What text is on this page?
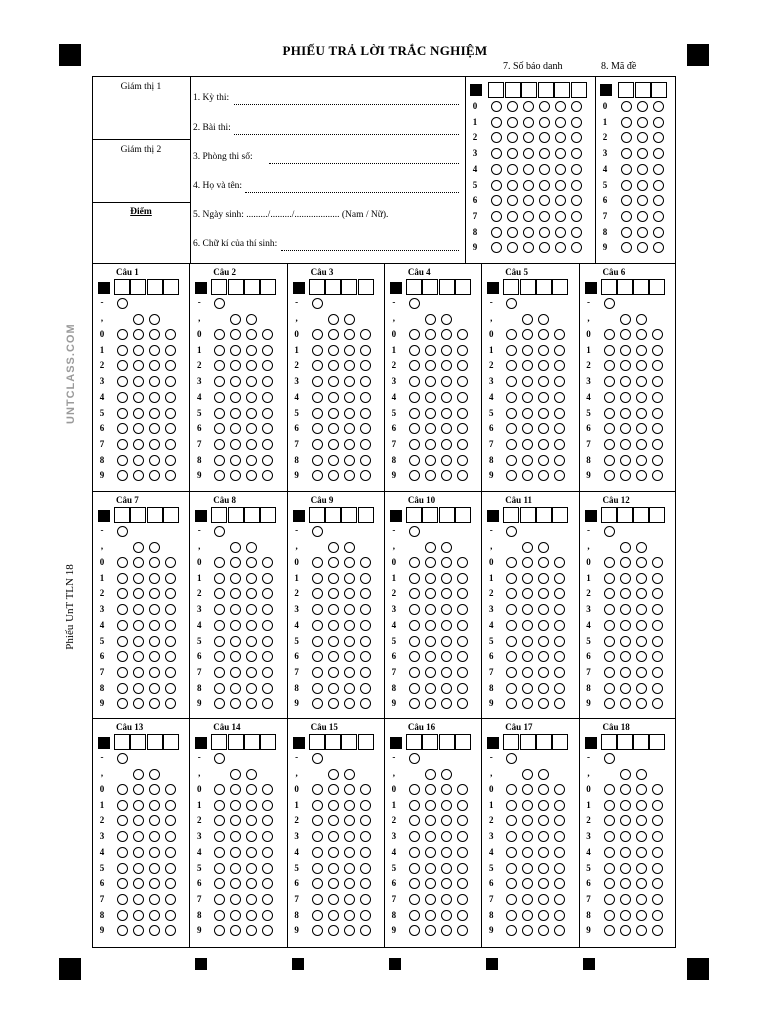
PHIẾU TRẢ LỜI TRẮC NGHIỆM
7. Số báo danh	8. Mã đề
UNTCLASS.COM
Phiếu UnT TLN 18
Giám thị 1
Giám thị 2
Điểm
1. Kỳ thi:
2. Bài thi:
3. Phòng thi số:
4. Họ và tên:
5. Ngày sinh: ........./........./................... (Nam / Nữ).
6. Chữ kí của thí sinh:
0
1
2
3
4
5
6
7
8
9
0
1
2
3
4
5
6
7
8
9
Câu 1
-
,
0
1
2
3
4
5
6
7
8
9
Câu 2
-
,
0
1
2
3
4
5
6
7
8
9
Câu 3
-
,
0
1
2
3
4
5
6
7
8
9
Câu 4
-
,
0
1
2
3
4
5
6
7
8
9
Câu 5
-
,
0
1
2
3
4
5
6
7
8
9
Câu 6
-
,
0
1
2
3
4
5
6
7
8
9
Câu 7
-
,
0
1
2
3
4
5
6
7
8
9
Câu 8
-
,
0
1
2
3
4
5
6
7
8
9
Câu 9
-
,
0
1
2
3
4
5
6
7
8
9
Câu 10
-
,
0
1
2
3
4
5
6
7
8
9
Câu 11
-
,
0
1
2
3
4
5
6
7
8
9
Câu 12
-
,
0
1
2
3
4
5
6
7
8
9
Câu 13
-
,
0
1
2
3
4
5
6
7
8
9
Câu 14
-
,
0
1
2
3
4
5
6
7
8
9
Câu 15
-
,
0
1
2
3
4
5
6
7
8
9
Câu 16
-
,
0
1
2
3
4
5
6
7
8
9
Câu 17
-
,
0
1
2
3
4
5
6
7
8
9
Câu 18
-
,
0
1
2
3
4
5
6
7
8
9
